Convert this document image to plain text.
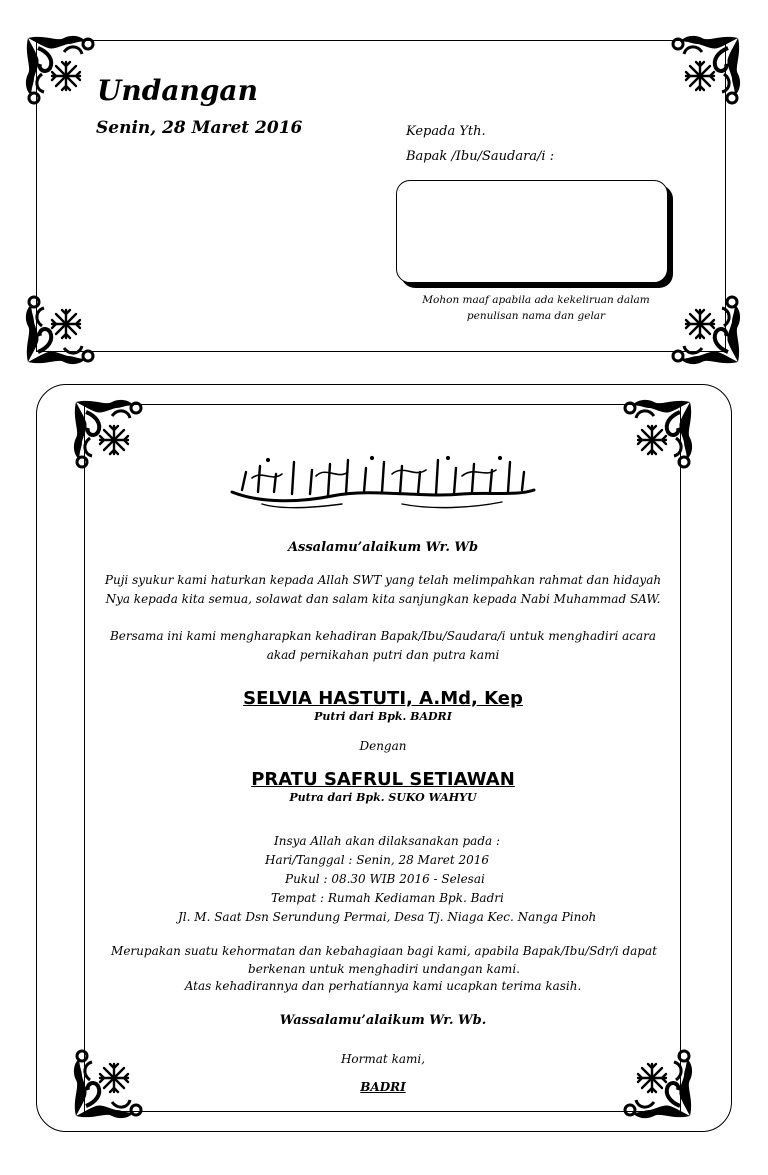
Undangan
Senin, 28 Maret 2016	Kepada Yth.
Bapak /Ibu/Saudara/i :
Mohon maaf apabila ada kekeliruan dalam penulisan nama dan gelar
Assalamu’alaikum Wr. Wb
Puji syukur kami haturkan kepada Allah SWT yang telah melimpahkan rahmat dan hidayah Nya kepada kita semua, solawat dan salam kita sanjungkan kepada Nabi Muhammad SAW.
Bersama ini kami mengharapkan kehadiran Bapak/Ibu/Saudara/i untuk menghadiri acara akad pernikahan putri dan putra kami
SELVIA HASTUTI, A.Md, Kep
Putri dari Bpk. BADRI
Dengan
PRATU SAFRUL SETIAWAN
Putra dari Bpk. SUKO WAHYU
Insya Allah akan dilaksanakan pada :
Hari/Tanggal : Senin, 28 Maret 2016
Pukul : 08.30 WIB 2016 - Selesai
Tempat : Rumah Kediaman Bpk. Badri
Jl. M. Saat Dsn Serundung Permai, Desa Tj. Niaga Kec. Nanga Pinoh
Merupakan suatu kehormatan dan kebahagiaan bagi kami, apabila Bapak/Ibu/Sdr/i dapat berkenan untuk menghadiri undangan kami.
Atas kehadirannya dan perhatiannya kami ucapkan terima kasih.
Wassalamu’alaikum Wr. Wb.
Hormat kami,
BADRI
